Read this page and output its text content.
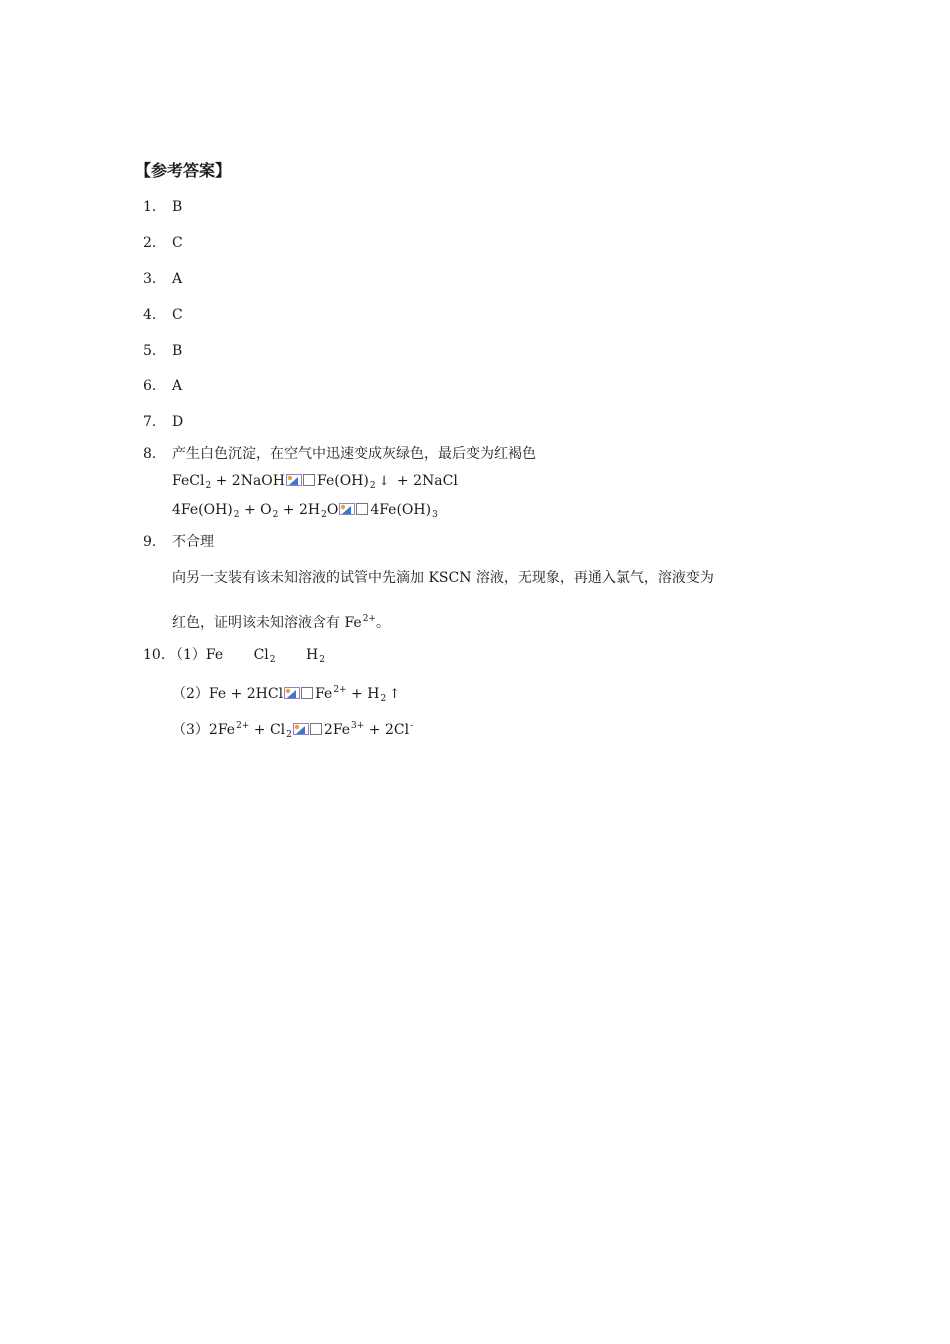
【参考答案】
1.	B
2.	C
3.	A
4.	C
5.	B
6.	A
7.	D
8.	产生白色沉淀，在空气中迅速变成灰绿色，最后变为红褐色
FeCl$_2$ + 2NaOH $Fe(OH)_2$ ↓ + 2NaCl
$4Fe(OH)_2 + O_2 + 2H_2O$ $4Fe(OH)_3$
9.	不合理
向另一支装有该未知溶液的试管中先滴加 KSCN 溶液，无现象，再通入氯气，溶液变为
红色，证明该未知溶液含有 $Fe^{2+}$。
10. （1）Fe $Cl_2$ $H_2$
（2）Fe + 2HCl $Fe^{2+} + H_2$ ↑
$(3)2Fe^{2+} + Cl_2$ $2Fe^{3+} + 2Cl^-$
